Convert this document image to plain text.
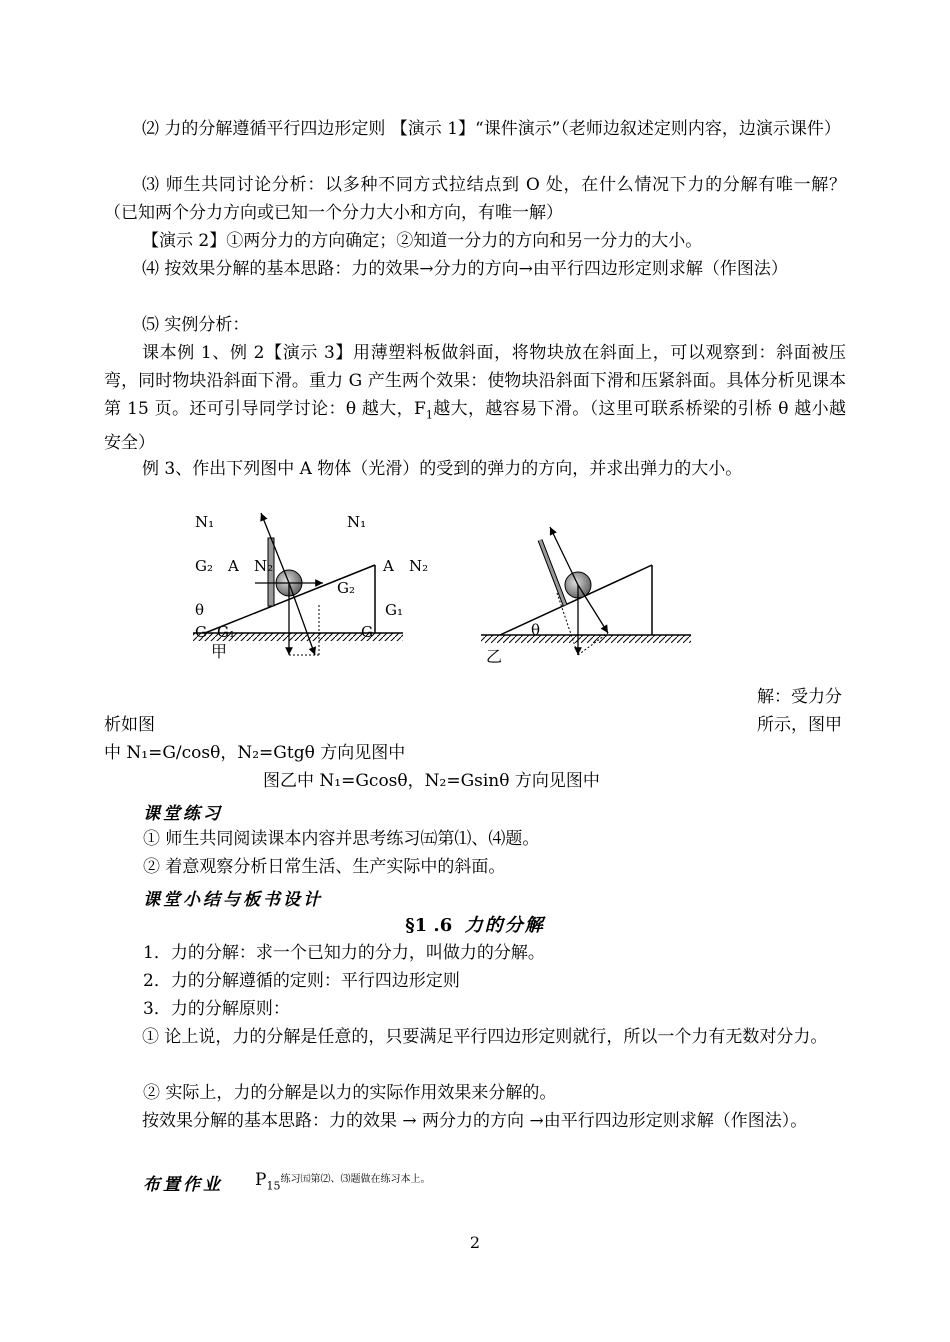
⑵ 力的分解遵循平行四边形定则 【演示 1】“课件演示”（老师边叙述定则内容，边演示课件）

⑶ 师生共同讨论分析：以多种不同方式拉结点到 O 处，在什么情况下力的分解有唯一解？（已知两个分力方向或已知一个分力大小和方向，有唯一解）

【演示 2】①两分力的方向确定；②知道一分力的方向和另一分力的大小。

⑷ 按效果分解的基本思路：力的效果→分力的方向→由平行四边形定则求解（作图法）

⑸ 实例分析：

课本例 1、例 2【演示 3】用薄塑料板做斜面，将物块放在斜面上，可以观察到：斜面被压弯，同时物块沿斜面下滑。重力 G 产生两个效果：使物块沿斜面下滑和压紧斜面。具体分析见课本第 15 页。还可引导同学讨论：θ 越大，$F_1$越大，越容易下滑。（这里可联系桥梁的引桥 θ 越小越安全）

例 3、作出下列图中 A 物体（光滑）的受到的弹力的方向，并求出弹力的大小。

N₁	N₁
G₂ A N₂	A N₂
G₂
G₁
θ
G G₁	G
甲
θ
乙
解：受力分
析如图	所示，图甲
中 N₁=G/cosθ，N₂=Gtgθ 方向见图中
图乙中 N₁=Gcosθ，N₂=Gsinθ 方向见图中
课堂练习
① 师生共同阅读课本内容并思考练习㈤第⑴、⑷题。
② 着意观察分析日常生活、生产实际中的斜面。
课堂小结与板书设计
§1 .6 力的分解
1．力的分解：求一个已知力的分力，叫做力的分解。
2．力的分解遵循的定则：平行四边形定则
3．力的分解原则：

① 论上说，力的分解是任意的，只要满足平行四边形定则就行，所以一个力有无数对分力。

② 实际上，力的分解是以力的实际作用效果来分解的。

按效果分解的基本思路：力的效果 → 两分力的方向 →由平行四边形定则求解（作图法）。

布置作业 $P_{15}^{练习㈤第⑵、⑶题做在练习本上。}$
2
